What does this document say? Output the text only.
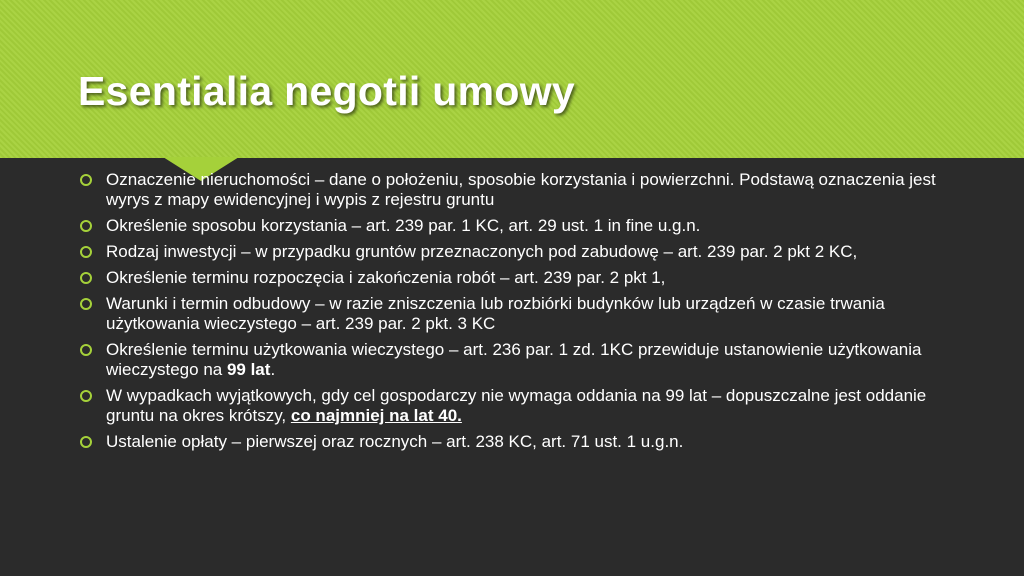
Esentialia negotii umowy
Oznaczenie nieruchomości – dane o położeniu, sposobie korzystania i powierzchni. Podstawą oznaczenia jest wyrys z mapy ewidencyjnej i wypis z rejestru gruntu
Określenie sposobu korzystania – art. 239 par. 1 KC, art. 29 ust. 1 in fine u.g.n.
Rodzaj inwestycji – w przypadku gruntów przeznaczonych pod zabudowę – art. 239 par. 2 pkt 2 KC,
Określenie terminu rozpoczęcia i zakończenia robót – art. 239 par. 2 pkt 1,
Warunki i termin odbudowy – w razie zniszczenia lub rozbiórki budynków lub urządzeń w czasie trwania użytkowania wieczystego – art. 239 par. 2 pkt. 3 KC
Określenie terminu użytkowania wieczystego – art. 236 par. 1 zd. 1KC przewiduje ustanowienie użytkowania wieczystego na 99 lat.
W wypadkach wyjątkowych, gdy cel gospodarczy nie wymaga oddania na 99 lat – dopuszczalne jest oddanie gruntu na okres krótszy, co najmniej na lat 40.
Ustalenie opłaty – pierwszej oraz rocznych – art. 238 KC, art. 71 ust. 1 u.g.n.
